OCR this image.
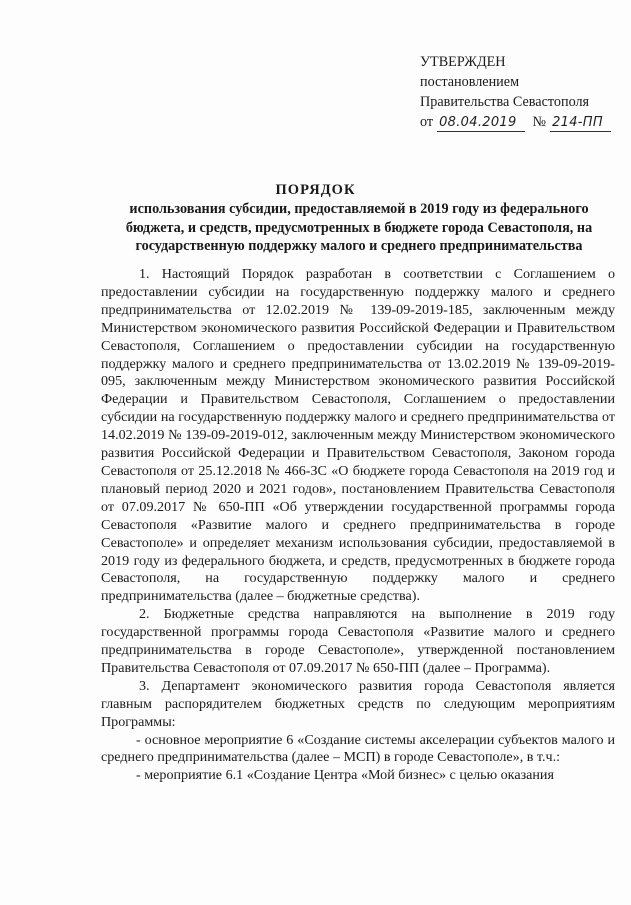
УТВЕРЖДЕН
постановлением
Правительства Севастополя
от 08.04.2019	№ 214-ПП
ПОРЯДОК
использования субсидии, предоставляемой в 2019 году из федерального бюджета, и средств, предусмотренных в бюджете города Севастополя, на государственную поддержку малого и среднего предпринимательства

1. Настоящий Порядок разработан в соответствии с Соглашением о предоставлении субсидии на государственную поддержку малого и среднего предпринимательства от 12.02.2019 № 139-09-2019-185, заключенным между Министерством экономического развития Российской Федерации и Правительством Севастополя, Соглашением о предоставлении субсидии на государственную поддержку малого и среднего предпринимательства от 13.02.2019 № 139-09-2019-095, заключенным между Министерством экономического развития Российской Федерации и Правительством Севастополя, Соглашением о предоставлении субсидии на государственную поддержку малого и среднего предпринимательства от 14.02.2019 № 139-09-2019-012, заключенным между Министерством экономического развития Российской Федерации и Правительством Севастополя, Законом города Севастополя от 25.12.2018 № 466-ЗС «О бюджете города Севастополя на 2019 год и плановый период 2020 и 2021 годов», постановлением Правительства Севастополя от 07.09.2017 № 650-ПП «Об утверждении государственной программы города Севастополя «Развитие малого и среднего предпринимательства в городе Севастополе» и определяет механизм использования субсидии, предоставляемой в 2019 году из федерального бюджета, и средств, предусмотренных в бюджете города Севастополя, на государственную поддержку малого и среднего предпринимательства (далее – бюджетные средства).

2. Бюджетные средства направляются на выполнение в 2019 году государственной программы города Севастополя «Развитие малого и среднего предпринимательства в городе Севастополе», утвержденной постановлением Правительства Севастополя от 07.09.2017 № 650-ПП (далее – Программа).

3. Департамент экономического развития города Севастополя является главным распорядителем бюджетных средств по следующим мероприятиям Программы:

- основное мероприятие 6 «Создание системы акселерации субъектов малого и среднего предпринимательства (далее – МСП) в городе Севастополе», в т.ч.:

- мероприятие 6.1 «Создание Центра «Мой бизнес» с целью оказания
